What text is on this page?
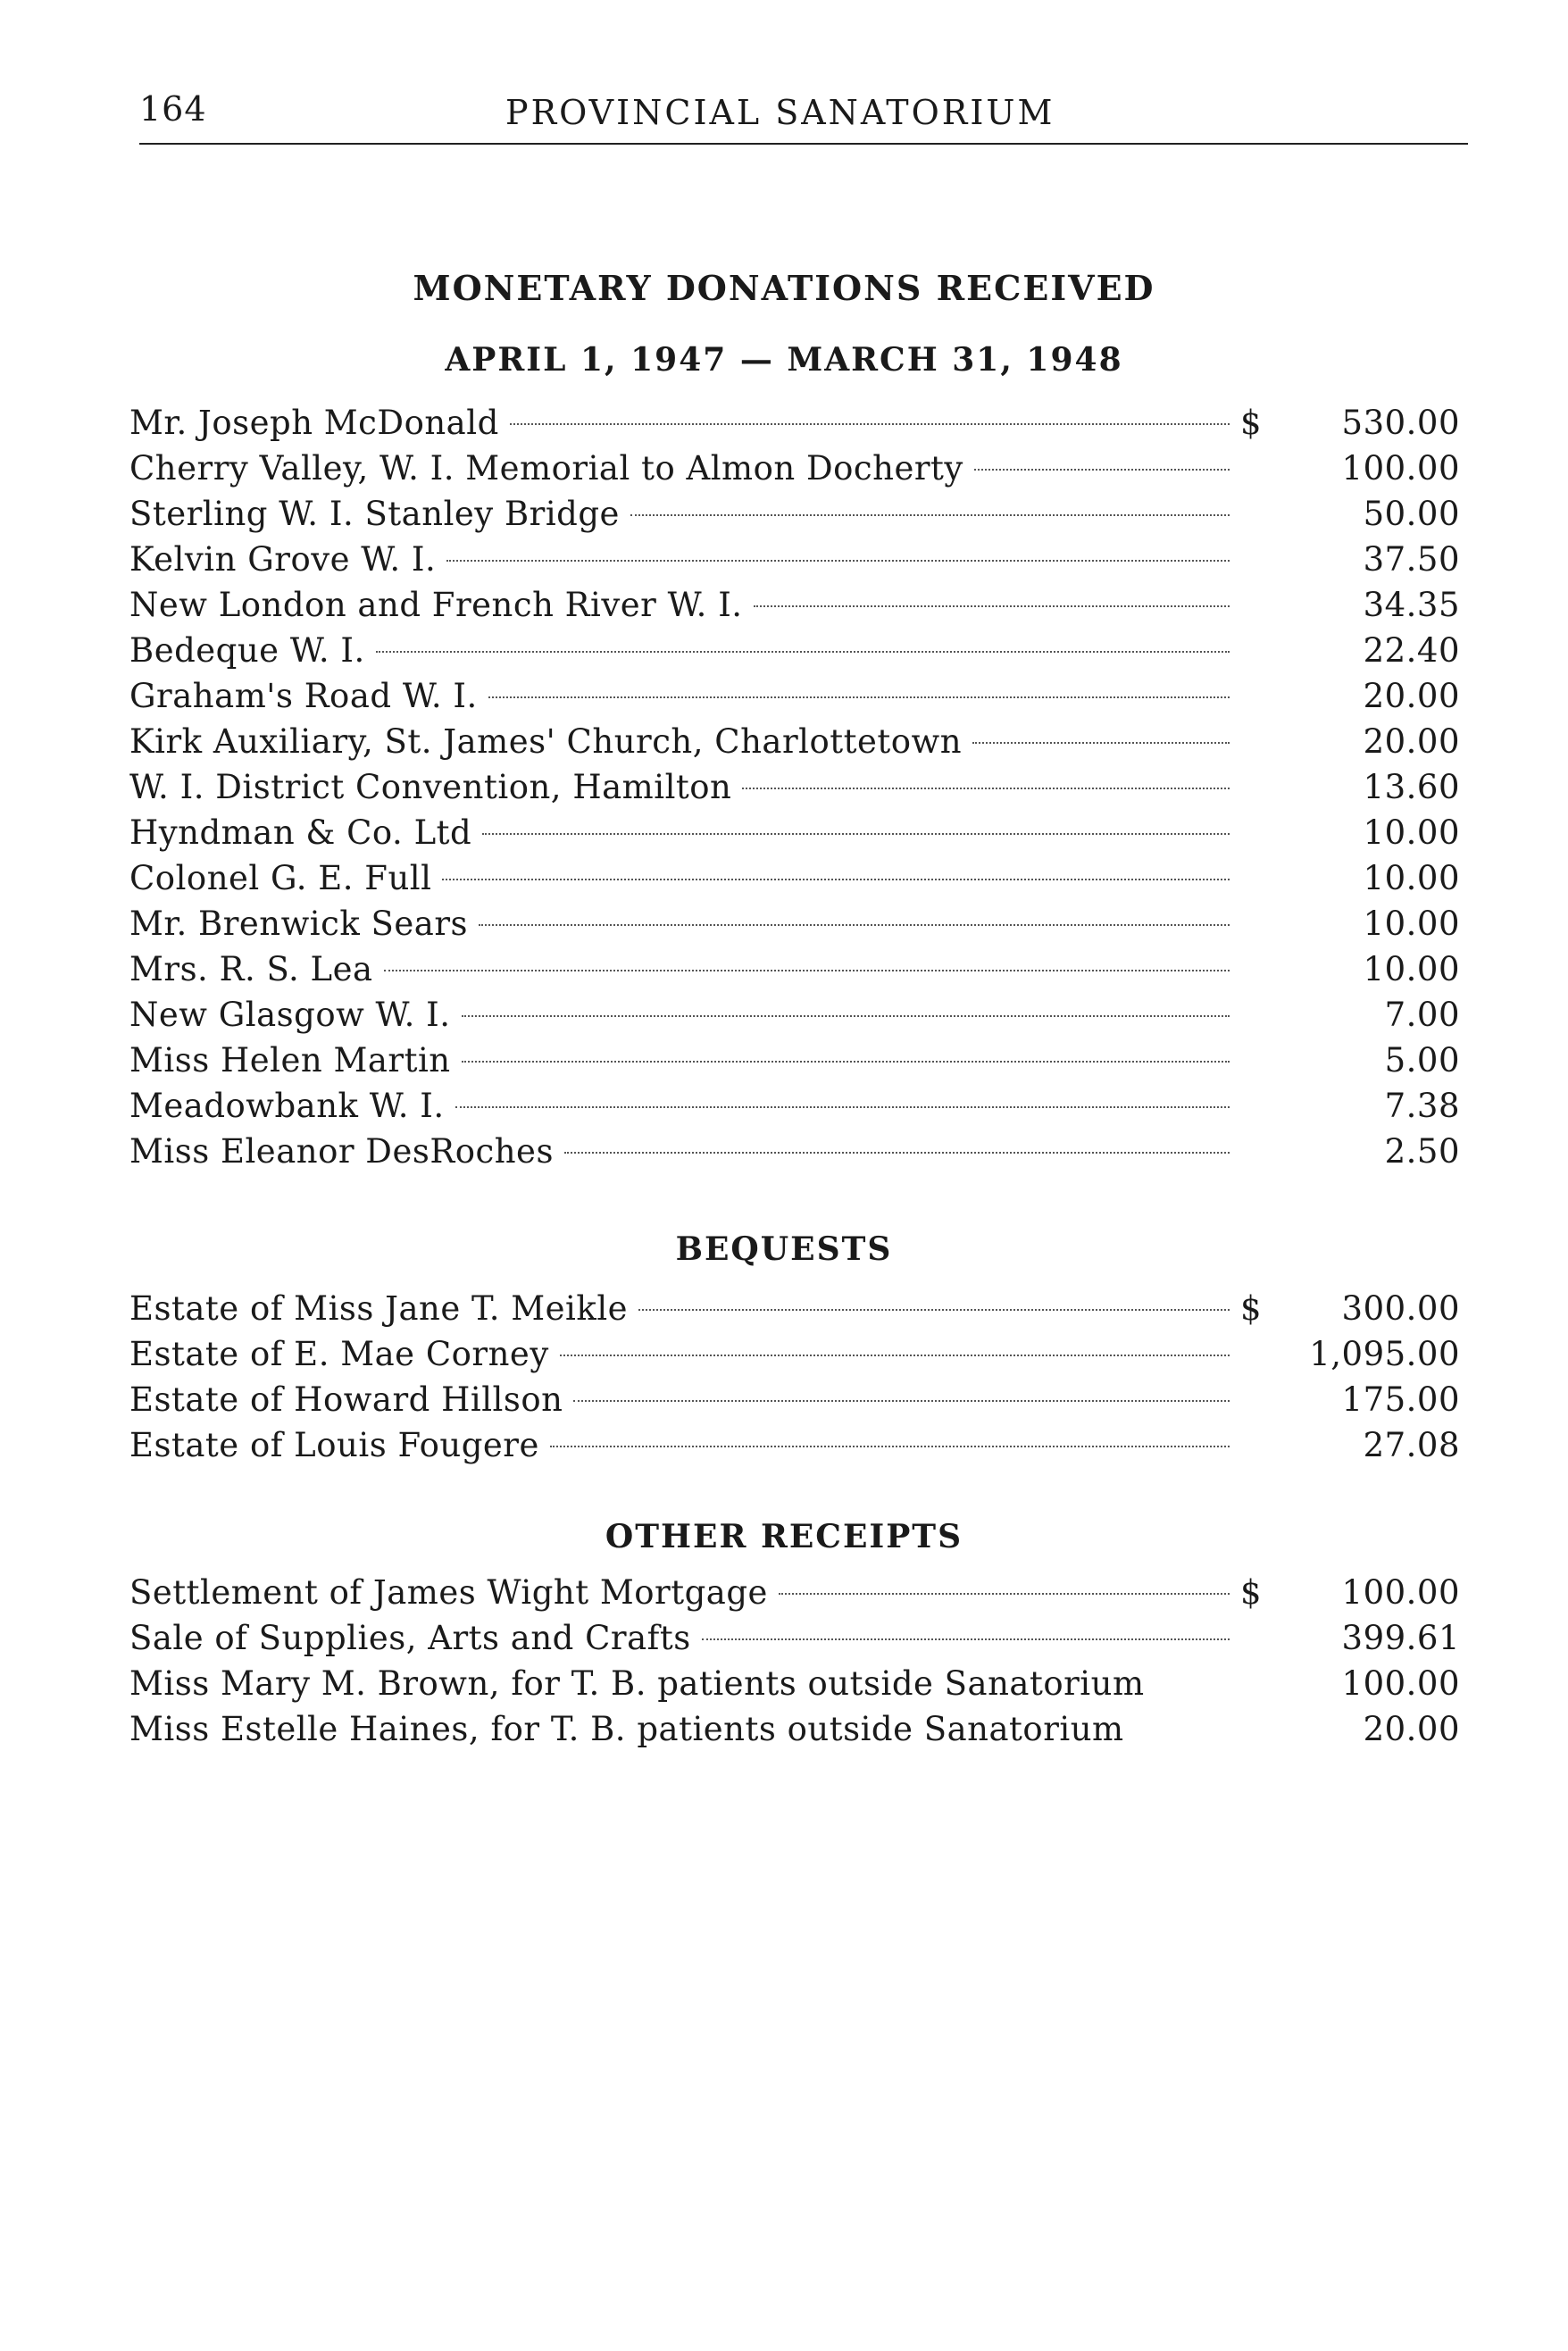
164	PROVINCIAL SANATORIUM
MONETARY DONATIONS RECEIVED
APRIL 1, 1947 — MARCH 31, 1948
Mr. Joseph McDonald	$	530.00
Cherry Valley, W. I. Memorial to Almon Docherty	100.00
Sterling W. I. Stanley Bridge	50.00
Kelvin Grove W. I.	37.50
New London and French River W. I.	34.35
Bedeque W. I.	22.40
Graham's Road W. I.	20.00
Kirk Auxiliary, St. James' Church, Charlottetown	20.00
W. I. District Convention, Hamilton	13.60
Hyndman & Co. Ltd	10.00
Colonel G. E. Full	10.00
Mr. Brenwick Sears	10.00
Mrs. R. S. Lea	10.00
New Glasgow W. I.	7.00
Miss Helen Martin	5.00
Meadowbank W. I.	7.38
Miss Eleanor DesRoches	2.50
BEQUESTS
Estate of Miss Jane T. Meikle	$	300.00
Estate of E. Mae Corney	1,095.00
Estate of Howard Hillson	175.00
Estate of Louis Fougere	27.08
OTHER RECEIPTS
Settlement of James Wight Mortgage	$	100.00
Sale of Supplies, Arts and Crafts	399.61
Miss Mary M. Brown, for T. B. patients outside Sanatorium	100.00
Miss Estelle Haines, for T. B. patients outside Sanatorium	20.00
